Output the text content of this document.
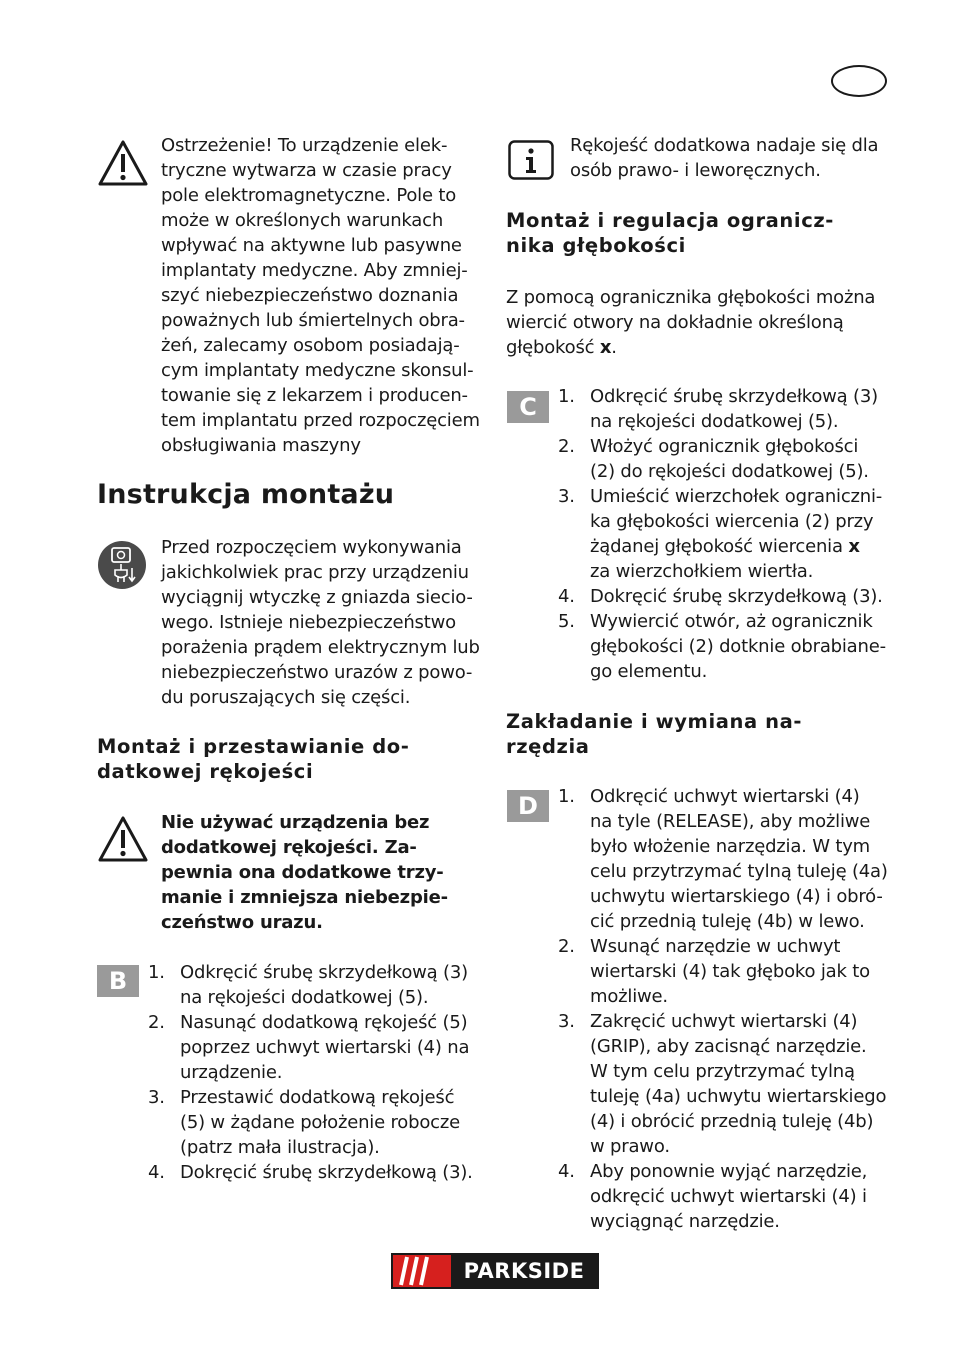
Ostrzeżenie! To urządzenie elek-
tryczne wytwarza w czasie pracy
pole elektromagnetyczne. Pole to
może w określonych warunkach
wpływać na aktywne lub pasywne
implantaty medyczne. Aby zmniej-
szyć niebezpieczeństwo doznania
poważnych lub śmiertelnych obra-
żeń, zalecamy osobom posiadają-
cym implantaty medyczne skonsul-
towanie się z lekarzem i producen-
tem implantatu przed rozpoczęciem
obsługiwania maszyny
Instrukcja montażu
Przed rozpoczęciem wykonywania
jakichkolwiek prac przy urządzeniu
wyciągnij wtyczkę z gniazda siecio-
wego. Istnieje niebezpieczeństwo
porażenia prądem elektrycznym lub
niebezpieczeństwo urazów z powo-
du poruszających się części.
Montaż i przestawianie do-
datkowej rękojeści
Nie używać urządzenia bez
dodatkowej rękojeści. Za-
pewnia ona dodatkowe trzy-
manie i zmniejsza niebezpie-
czeństwo urazu.
B 1. Odkręcić śrubę skrzydełkową (3)
na rękojeści dodatkowej (5).
2. Nasunąć dodatkową rękojeść (5)
poprzez uchwyt wiertarski (4) na
urządzenie.
3. Przestawić dodatkową rękojeść
(5) w żądane położenie robocze
(patrz mała ilustracja).
4. Dokręcić śrubę skrzydełkową (3).
Rękojeść dodatkowa nadaje się dla
osób prawo- i leworęcznych.
Montaż i regulacja ogranicz-
nika głębokości
Z pomocą ogranicznika głębokości można
wiercić otwory na dokładnie określoną
głębokość x.
C 1. Odkręcić śrubę skrzydełkową (3)
na rękojeści dodatkowej (5).
2. Włożyć ogranicznik głębokości
(2) do rękojeści dodatkowej (5).
3. Umieścić wierzchołek ograniczni-
ka głębokości wiercenia (2) przy
żądanej głębokość wiercenia x
za wierzchołkiem wiertła.
4. Dokręcić śrubę skrzydełkową (3).
5. Wywiercić otwór, aż ogranicznik
głębokości (2) dotknie obrabiane-
go elementu.
Zakładanie i wymiana na-
rzędzia
D 1. Odkręcić uchwyt wiertarski (4)
na tyle (RELEASE), aby możliwe
było włożenie narzędzia. W tym
celu przytrzymać tylną tuleję (4a)
uchwytu wiertarskiego (4) i obró-
cić przednią tuleję (4b) w lewo.
2. Wsunąć narzędzie w uchwyt
wiertarski (4) tak głęboko jak to
możliwe.
3. Zakręcić uchwyt wiertarski (4)
(GRIP), aby zacisnąć narzędzie.
W tym celu przytrzymać tylną
tuleję (4a) uchwytu wiertarskiego
(4) i obrócić przednią tuleję (4b)
w prawo.
4. Aby ponownie wyjąć narzędzie,
odkręcić uchwyt wiertarski (4) i
wyciągnąć narzędzie.
PARKSIDE
